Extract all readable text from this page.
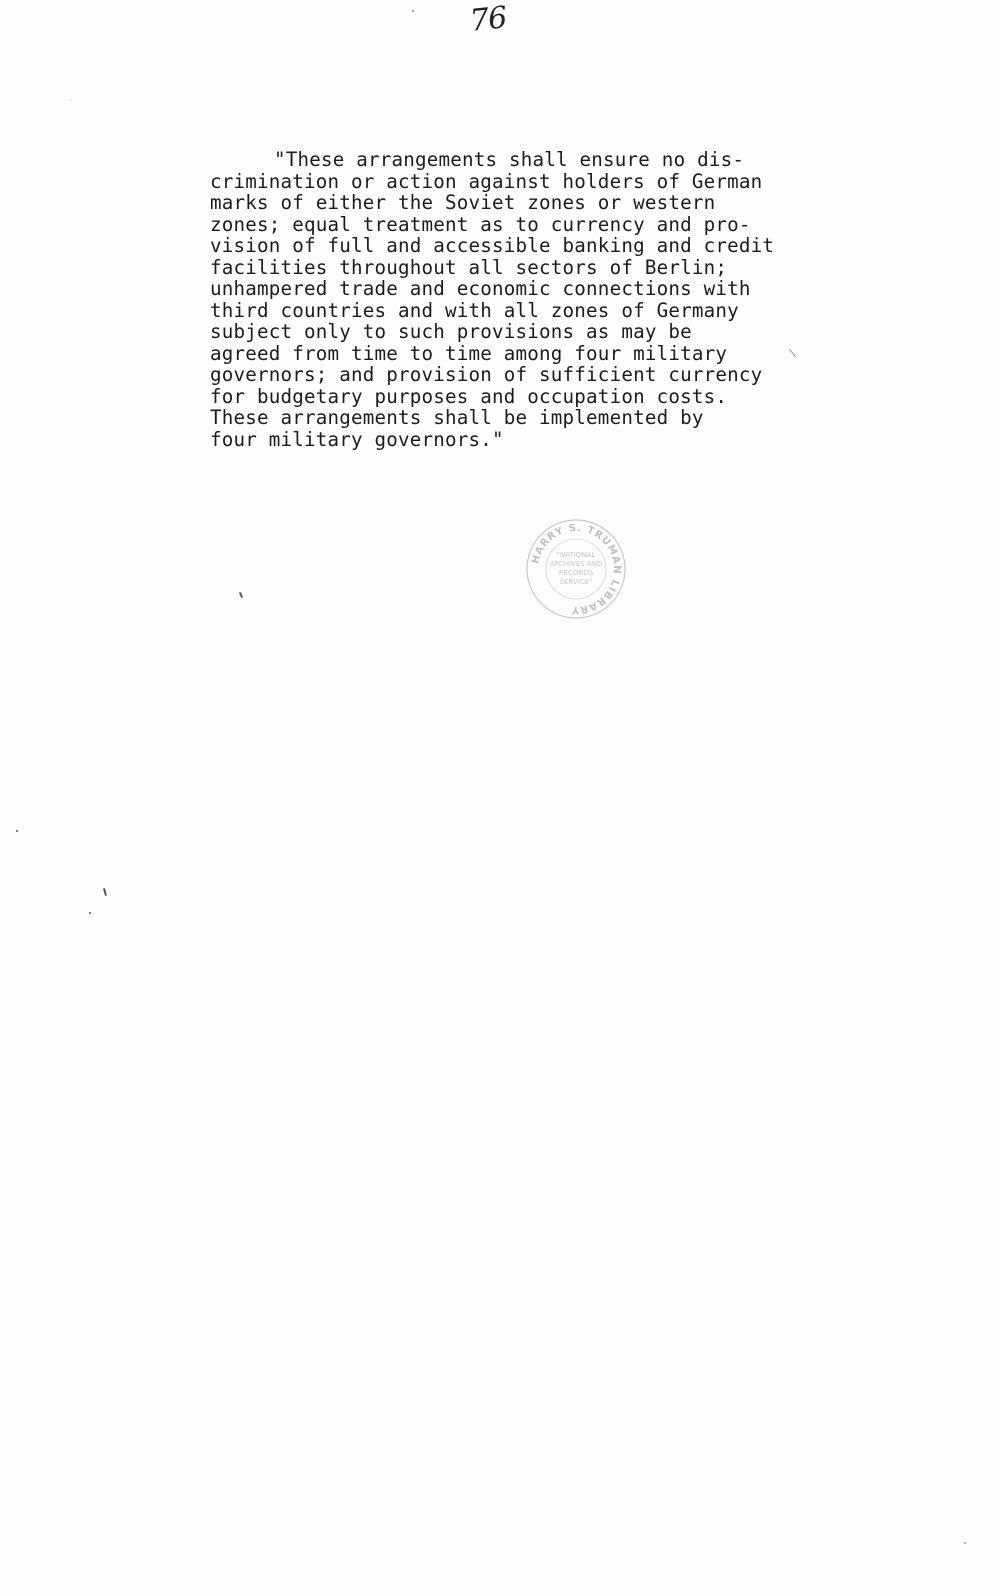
76
"These arrangements shall ensure no dis-
crimination or action against holders of German
marks of either the Soviet zones or western
zones; equal treatment as to currency and pro-
vision of full and accessible banking and credit
facilities throughout all sectors of Berlin;
unhampered trade and economic connections with
third countries and with all zones of Germany
subject only to such provisions as may be
agreed from time to time among four military
governors; and provision of sufficient currency
for budgetary purposes and occupation costs.
These arrangements shall be implemented by
four military governors."
HARRY S. TRUMAN LIBRARY
"NATIONAL
ARCHIVES AND
RECORDS
SERVICE"
